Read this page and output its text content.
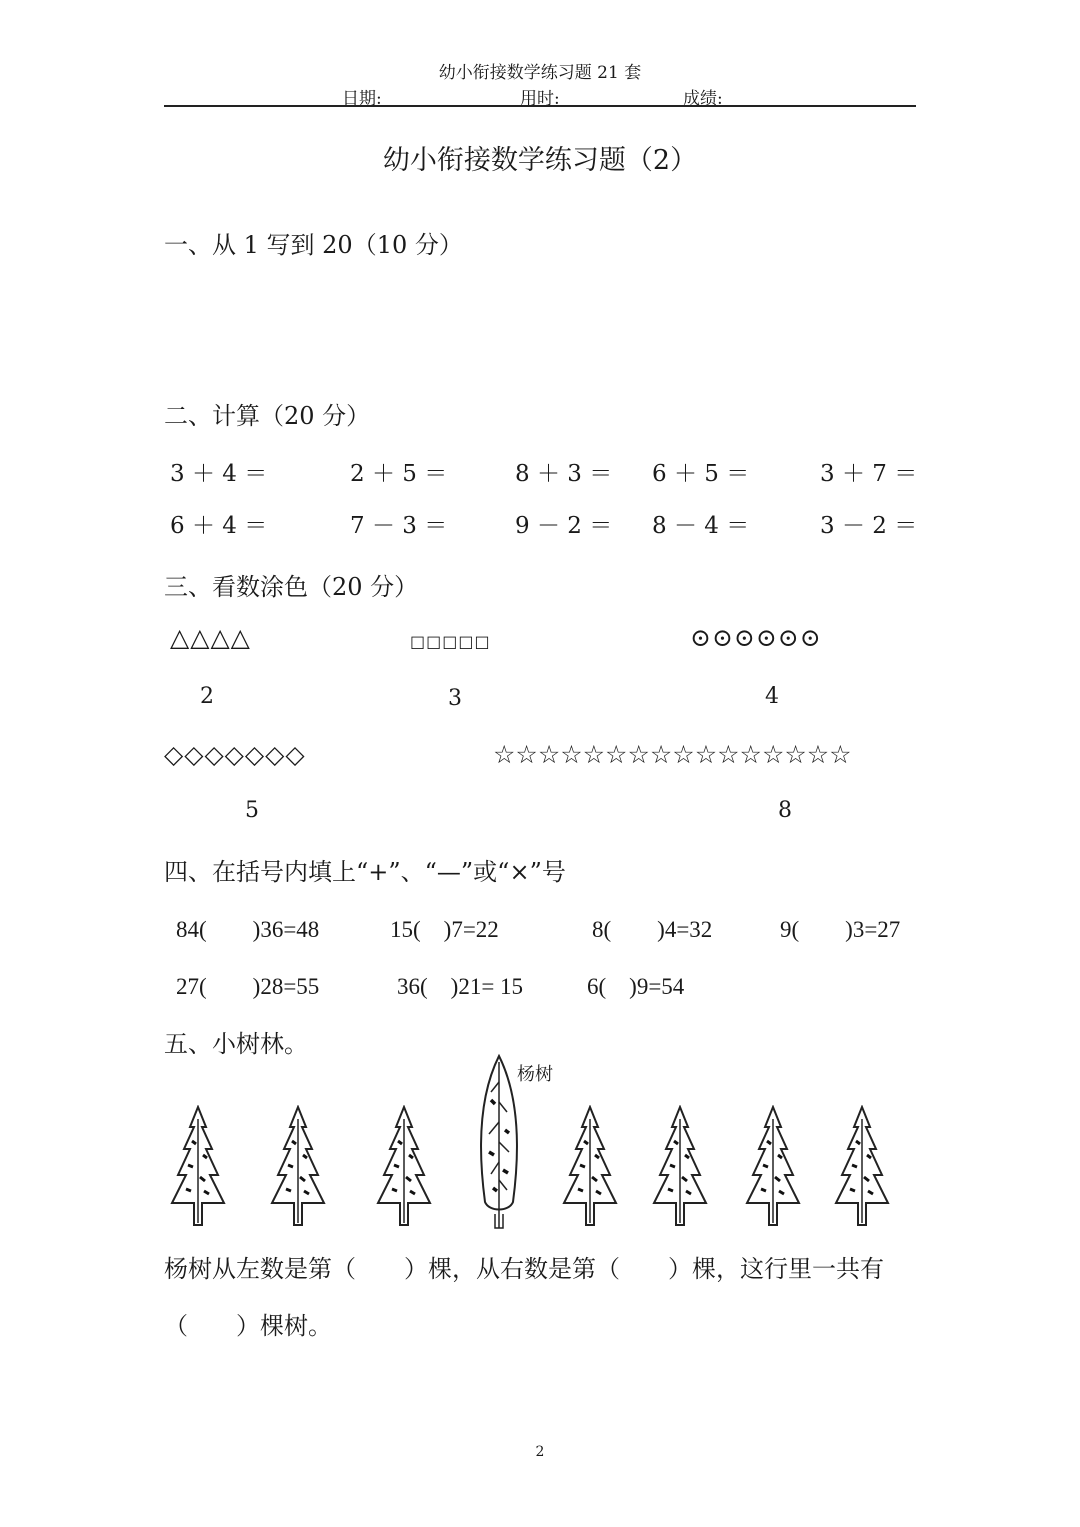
幼小衔接数学练习题 21 套
日期:	用时:	成绩:
幼小衔接数学练习题（2）
一、从 1 写到 20（10 分）
二、计算（20 分）
3 ＋ 4 ＝	2 ＋ 5 ＝	8 ＋ 3 ＝ 6 ＋ 5 ＝	3 ＋ 7 ＝
6 ＋ 4 ＝	7 － 3 ＝	9 － 2 ＝ 8 － 4 ＝	3 － 2 ＝
三、看数涂色（20 分）
△△△△	□□□□□	⊙⊙⊙⊙⊙⊙
2	3	4
◇◇◇◇◇◇◇	☆☆☆☆☆☆☆☆☆☆☆☆☆☆☆☆
5	8
四、在括号内填上“+”、“—”或“×”号
84(　　)36=48	15(　)7=22	8(　　)4=32	9(　　)3=27
27(　　)28=55	36(　)21= 15	6(　)9=54
五、小树林。
杨树
杨树从左数是第（　　）棵，从右数是第（　　）棵，这行里一共有
（　　）棵树。
2
